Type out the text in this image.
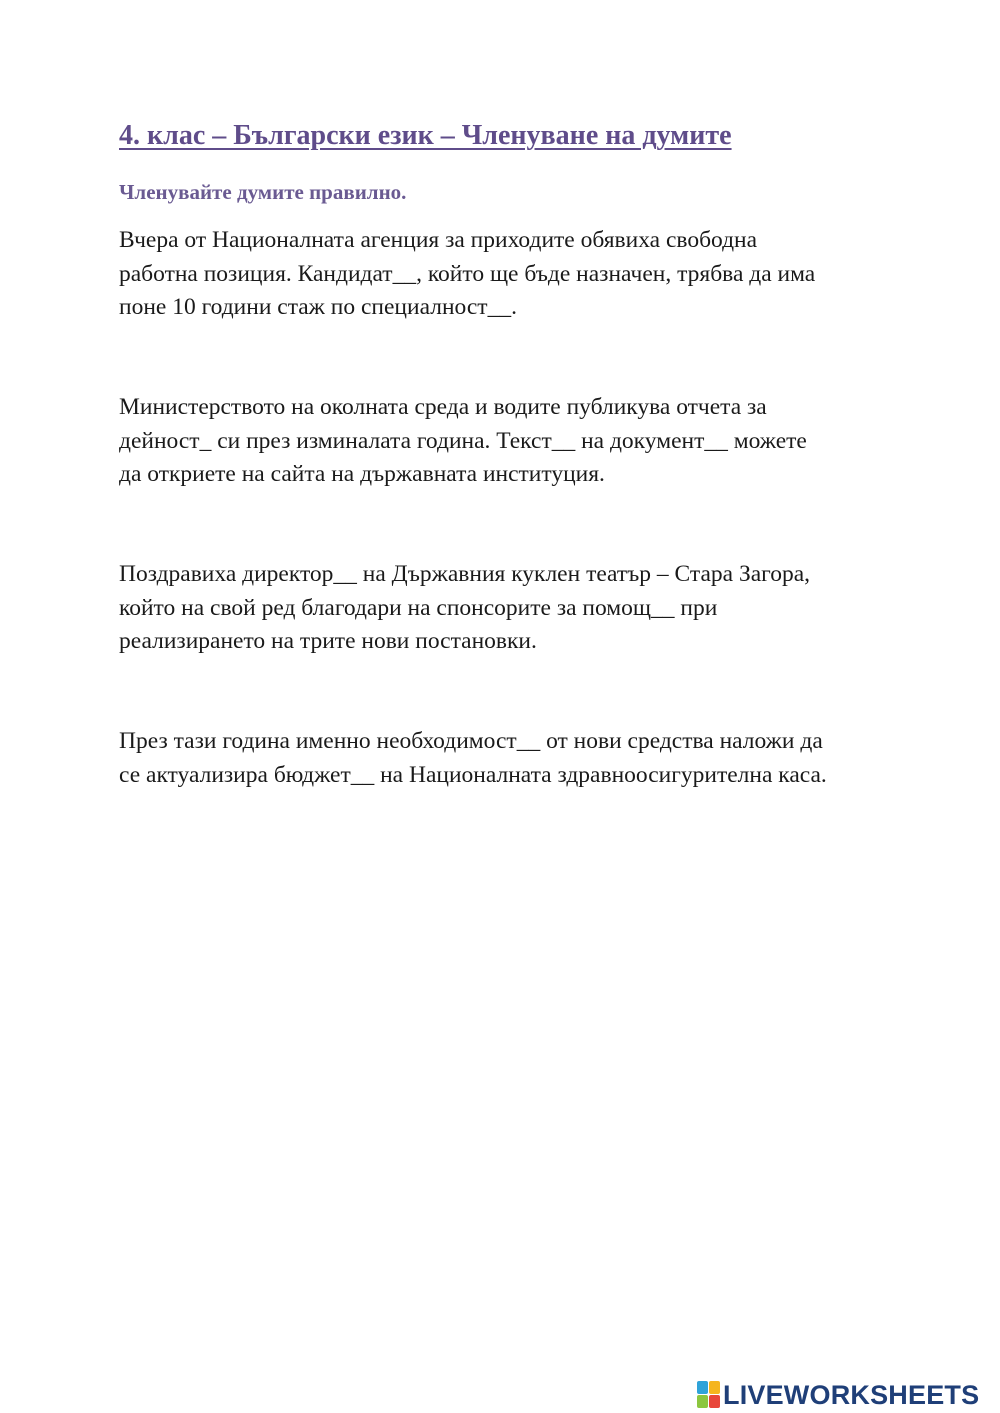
4. клас – Български език – Членуване на думите

Членувайте думите правилно.

Вчера от Националната агенция за приходите обявиха свободна
работна позиция. Кандидат__, който ще бъде назначен, трябва да има
поне 10 години стаж по специалност__.

Министерството на околната среда и водите публикува отчета за
дейност_ си през изминалата година. Текст__ на документ__ можете
да откриете на сайта на държавната институция.

Поздравиха директор__ на Държавния куклен театър – Стара Загора,
който на свой ред благодари на спонсорите за помощ__ при
реализирането на трите нови постановки.

През тази година именно необходимост__ от нови средства наложи да
се актуализира бюджет__ на Националната здравноосигурителна каса.

LIVEWORKSHEETS
